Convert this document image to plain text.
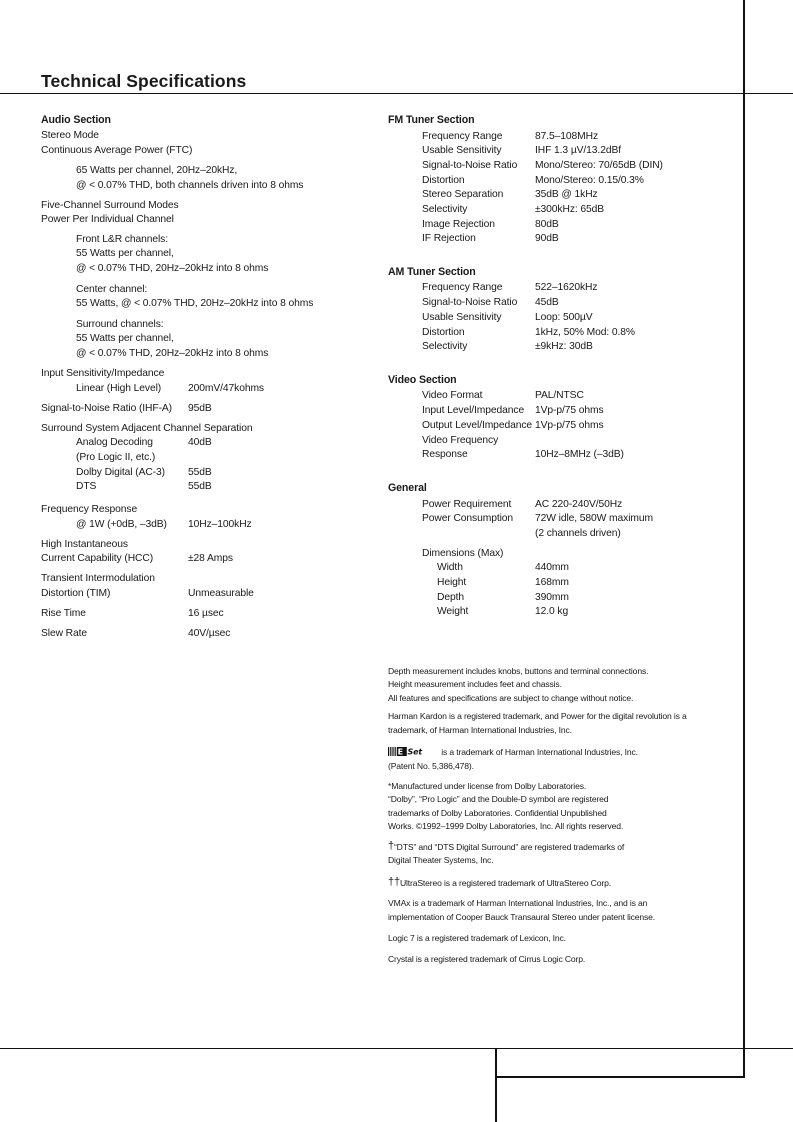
Technical Specifications
Audio Section
Stereo Mode
Continuous Average Power (FTC)
65 Watts per channel, 20Hz–20kHz,
@ < 0.07% THD, both channels driven into 8 ohms
Five-Channel Surround Modes
Power Per Individual Channel
Front L&R channels:
55 Watts per channel,
@ < 0.07% THD, 20Hz–20kHz into 8 ohms
Center channel:
55 Watts, @ < 0.07% THD, 20Hz–20kHz into 8 ohms
Surround channels:
55 Watts per channel,
@ < 0.07% THD, 20Hz–20kHz into 8 ohms
Input Sensitivity/Impedance
Linear (High Level)	200mV/47kohms
Signal-to-Noise Ratio (IHF-A) 95dB
Surround System Adjacent Channel Separation
Analog Decoding	40dB
(Pro Logic II, etc.)
Dolby Digital (AC-3) 55dB
DTS	55dB
Frequency Response
@ 1W (+0dB, –3dB) 10Hz–100kHz
High Instantaneous
Current Capability (HCC)	±28 Amps
Transient Intermodulation
Distortion (TIM)	Unmeasurable
Rise Time	16 µsec
Slew Rate	40V/µsec
FM Tuner Section
Frequency Range	87.5–108MHz
Usable Sensitivity	IHF 1.3 µV/13.2dBf
Signal-to-Noise Ratio Mono/Stereo: 70/65dB (DIN)
Distortion	Mono/Stereo: 0.15/0.3%
Stereo Separation	35dB @ 1kHz
Selectivity	±300kHz: 65dB
Image Rejection	80dB
IF Rejection	90dB
AM Tuner Section
Frequency Range	522–1620kHz
Signal-to-Noise Ratio 45dB
Usable Sensitivity	Loop: 500µV
Distortion	1kHz, 50% Mod: 0.8%
Selectivity	±9kHz: 30dB
Video Section
Video Format	PAL/NTSC
Input Level/Impedance 1Vp-p/75 ohms
Output Level/Impedance 1Vp-p/75 ohms
Video Frequency
Response	10Hz–8MHz (–3dB)
General
Power Requirement AC 220-240V/50Hz
Power Consumption 72W idle, 580W maximum
(2 channels driven)
Dimensions (Max)
Width	440mm
Height	168mm
Depth	390mm
Weight	12.0 kg
Depth measurement includes knobs, buttons and terminal connections.
Height measurement includes feet and chassis.
All features and specifications are subject to change without notice.
Harman Kardon is a registered trademark, and Power for the digital revolution is a
trademark, of Harman International Industries, Inc.
E Set is a trademark of Harman International Industries, Inc.
(Patent No. 5,386,478).
*Manufactured under license from Dolby Laboratories.
“Dolby”, “Pro Logic” and the Double-D symbol are registered
trademarks of Dolby Laboratories. Confidential Unpublished
Works. ©1992–1999 Dolby Laboratories, Inc. All rights reserved.
†“DTS” and “DTS Digital Surround” are registered trademarks of
Digital Theater Systems, Inc.
††UltraStereo is a registered trademark of UltraStereo Corp.
VMAx is a trademark of Harman International Industries, Inc., and is an
implementation of Cooper Bauck Transaural Stereo under patent license.
Logic 7 is a registered trademark of Lexicon, Inc.
Crystal is a registered trademark of Cirrus Logic Corp.
